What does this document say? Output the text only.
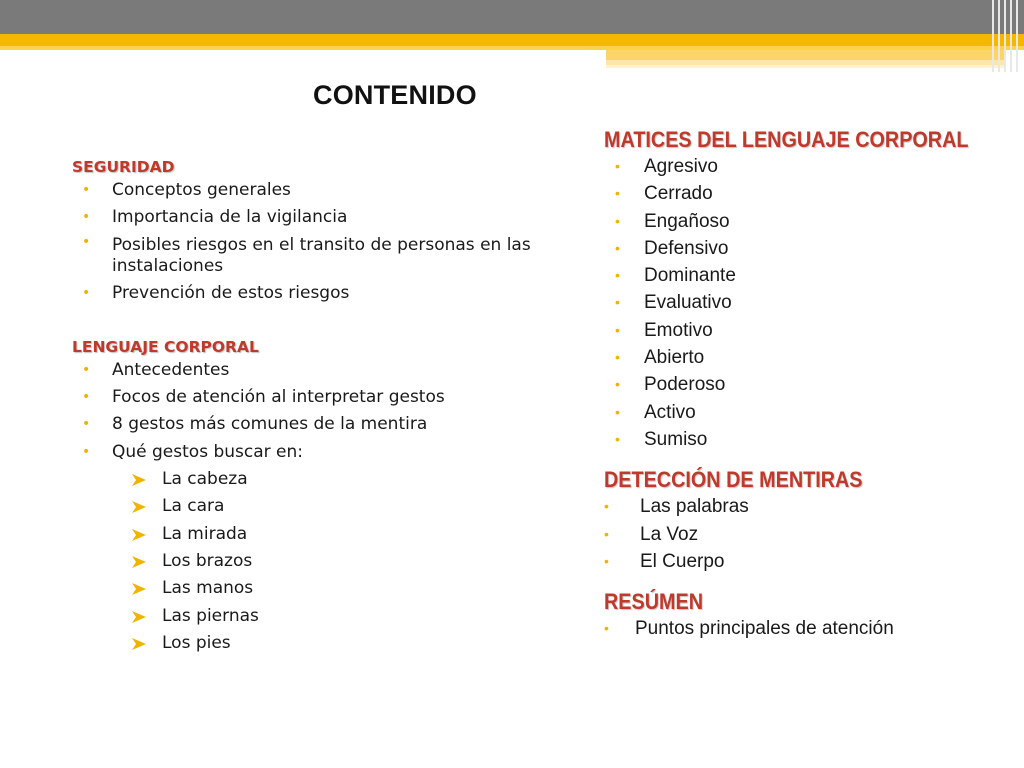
CONTENIDO
SEGURIDAD
• Conceptos generales
• Importancia de la vigilancia
• Posibles riesgos en el transito de personas en las instalaciones
• Prevención de estos riesgos
LENGUAJE CORPORAL
• Antecedentes
• Focos de atención al interpretar gestos
• 8 gestos más comunes de la mentira
• Qué gestos buscar en:
La cabeza
La cara
La mirada
Los brazos
Las manos
Las piernas
Los pies
MATICES DEL LENGUAJE CORPORAL
• Agresivo
• Cerrado
• Engañoso
• Defensivo
• Dominante
• Evaluativo
• Emotivo
• Abierto
• Poderoso
• Activo
• Sumiso
DETECCIÓN DE MENTIRAS
• Las palabras
• La Voz
• El Cuerpo
RESÚMEN
• Puntos principales de atención
